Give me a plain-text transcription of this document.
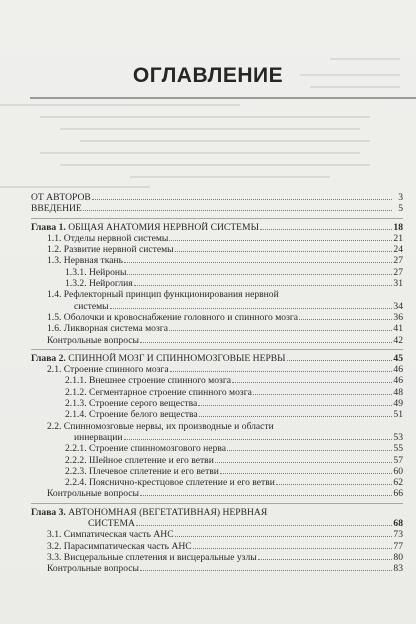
ОГЛАВЛЕНИЕ
ОТ АВТОРОВ	3
ВВЕДЕНИЕ	5
Глава 1. ОБЩАЯ АНАТОМИЯ НЕРВНОЙ СИСТЕМЫ	18
1.1. Отделы нервной системы	21
1.2. Развитие нервной системы	24
1.3. Нервная ткань	27
1.3.1. Нейроны	27
1.3.2. Нейроглия	31
1.4. Рефлекторный принцип функционирования нервной
системы	34
1.5. Оболочки и кровоснабжение головного и спинного мозга	36
1.6. Ликворная система мозга	41
Контрольные вопросы	42
Глава 2. СПИННОЙ МОЗГ И СПИННОМОЗГОВЫЕ НЕРВЫ	45
2.1. Строение спинного мозга	46
2.1.1. Внешнее строение спинного мозга	46
2.1.2. Сегментарное строение спинного мозга	48
2.1.3. Строение серого вещества	49
2.1.4. Строение белого вещества	51
2.2. Спинномозговые нервы, их производные и области
иннервации	53
2.2.1. Строение спинномозгового нерва	55
2.2.2. Шейное сплетение и его ветви	57
2.2.3. Плечевое сплетение и его ветви	60
2.2.4. Пояснично-крестцовое сплетение и его ветви	62
Контрольные вопросы	66
Глава 3. АВТОНОМНАЯ (ВЕГЕТАТИВНАЯ) НЕРВНАЯ
СИСТЕМА	68
3.1. Симпатическая часть АНС	73
3.2. Парасимпатическая часть АНС	77
3.3. Висцеральные сплетения и висцеральные узлы	80
Контрольные вопросы	83
